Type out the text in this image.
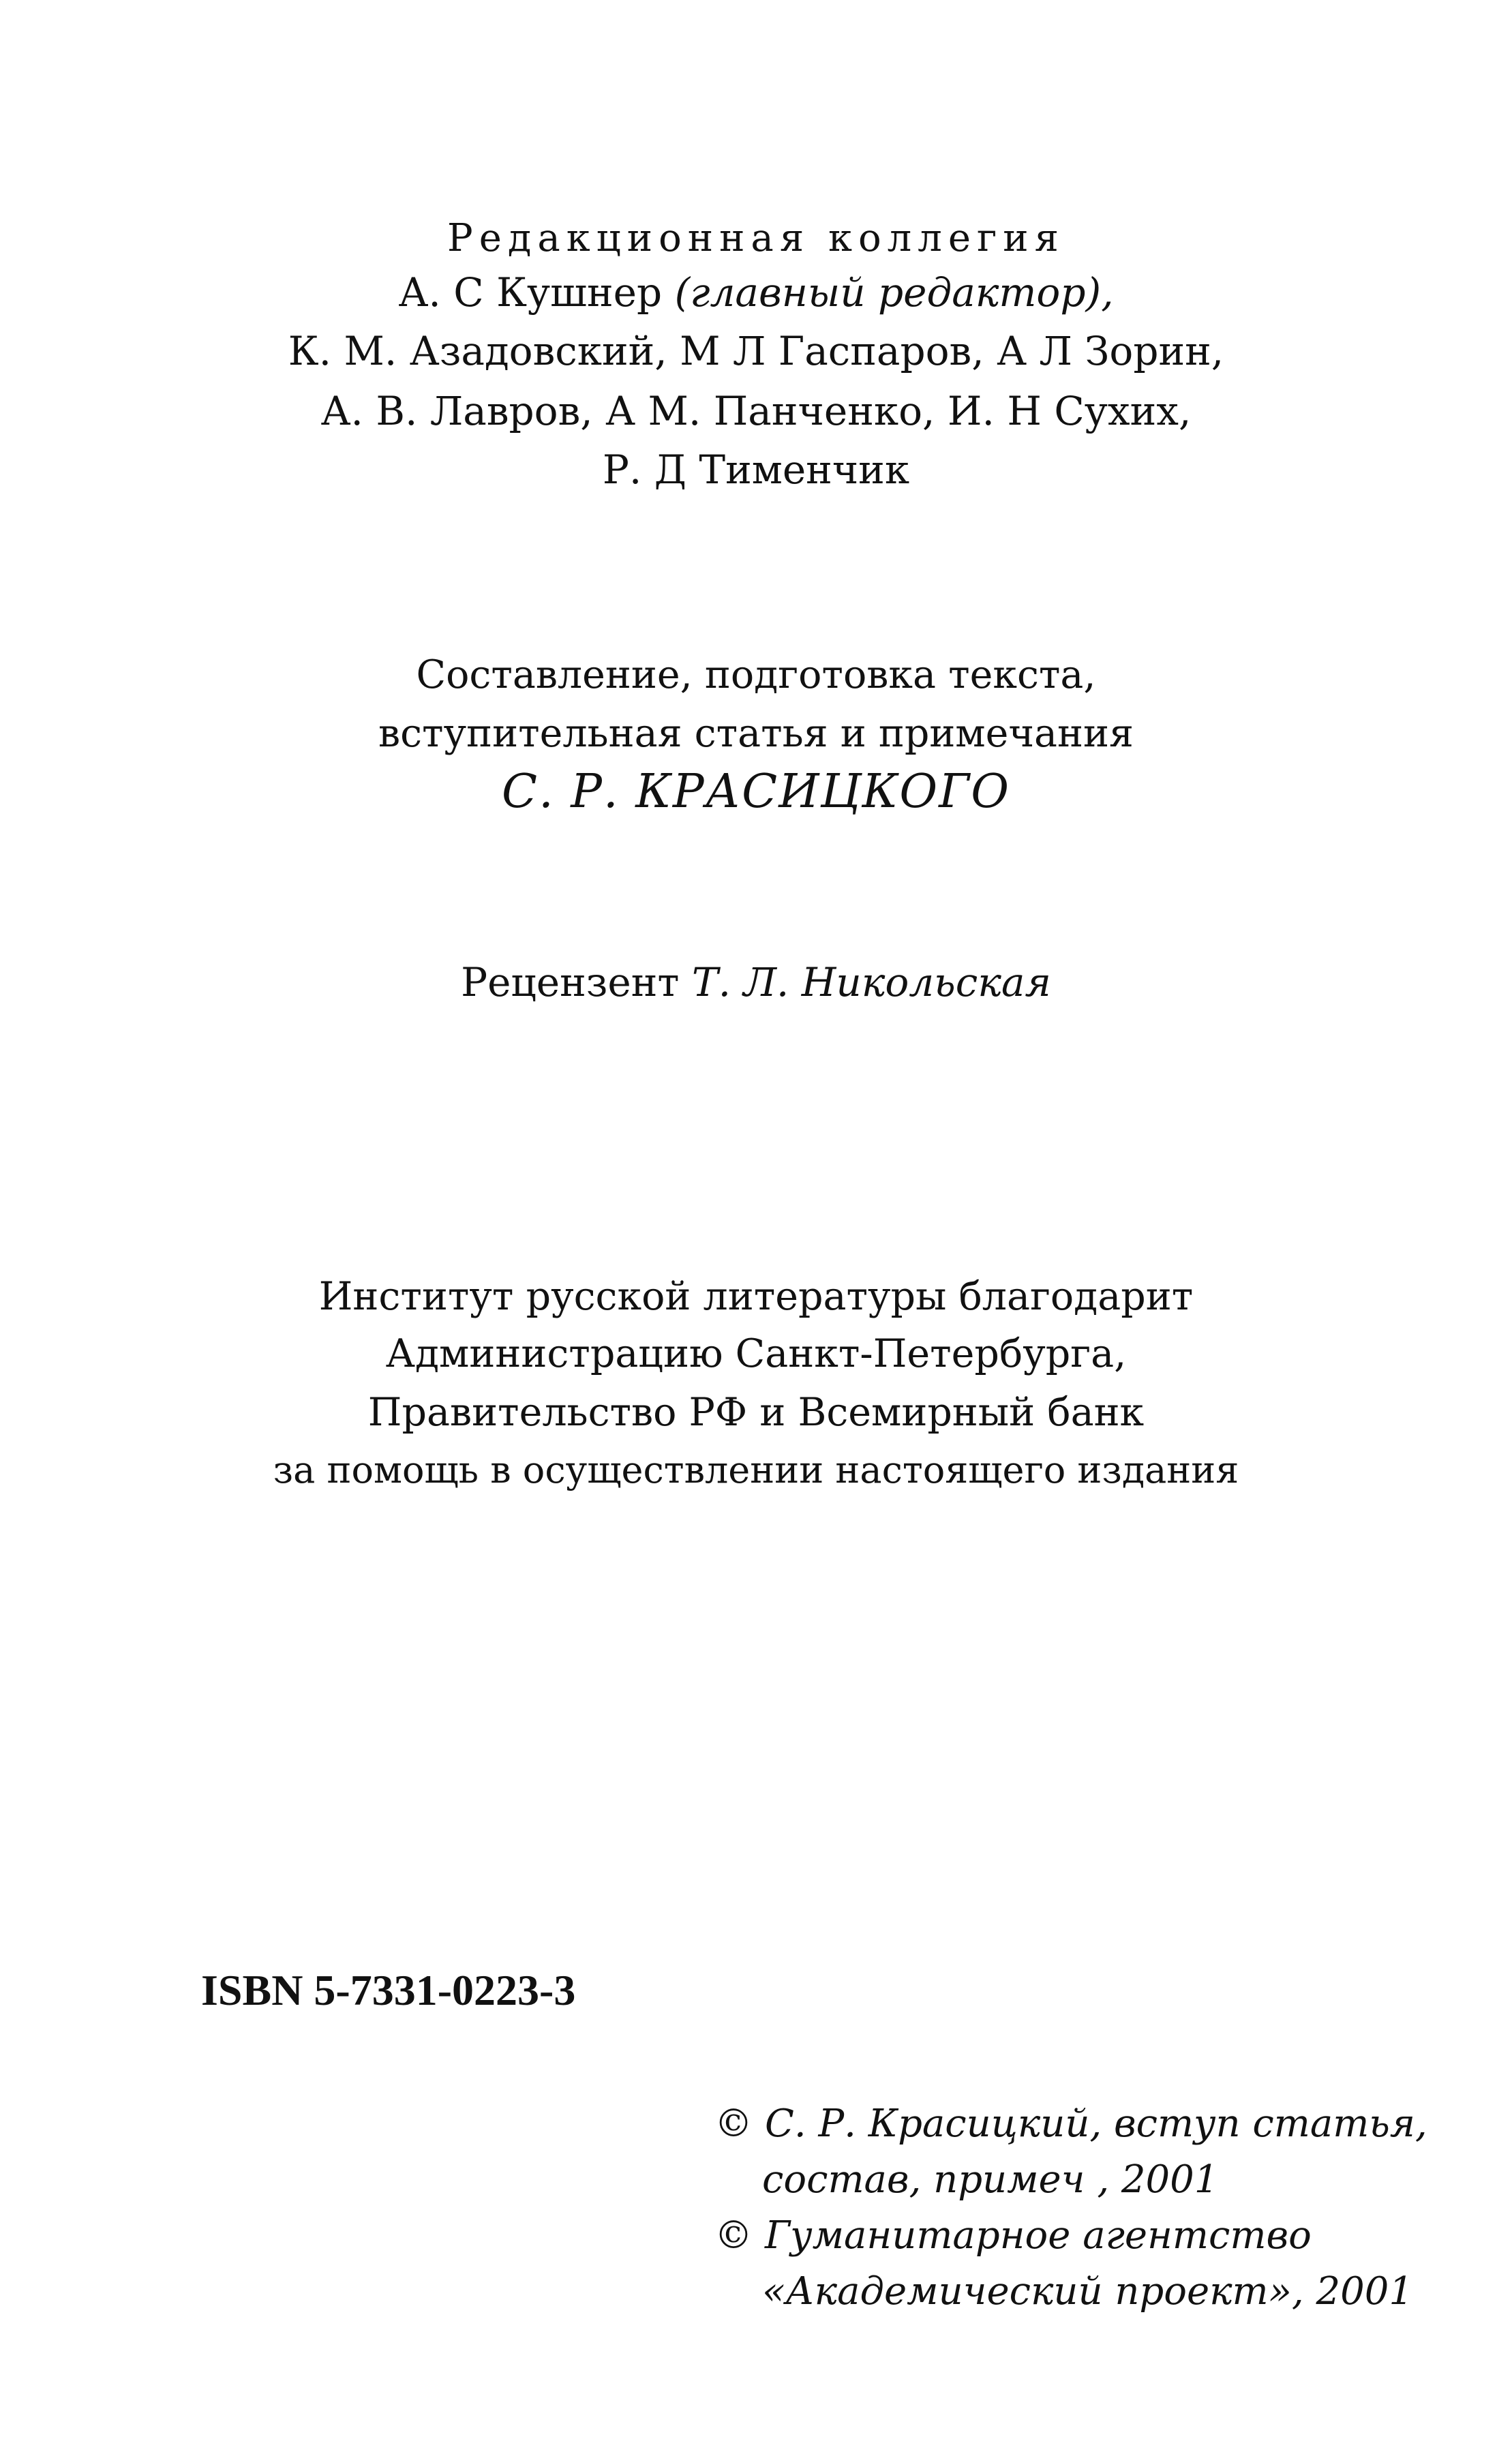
Редакционная коллегия
А. С Кушнер (главный редактор),
К. М. Азадовский, М Л Гаспаров, А Л Зорин,
А. В. Лавров, А М. Панченко, И. Н Сухих,
Р. Д Тименчик
Составление, подготовка текста,
вступительная статья и примечания
С. Р. КРАСИЦКОГО
Рецензент Т. Л. Никольская
Институт русской литературы благодарит
Администрацию Санкт-Петербурга,
Правительство РФ и Всемирный банк
за помощь в осуществлении настоящего издания
ISBN 5-7331-0223-3
© С. Р. Красицкий, вступ статья,
состав, примеч , 2001
© Гуманитарное агентство
«Академический проект», 2001
